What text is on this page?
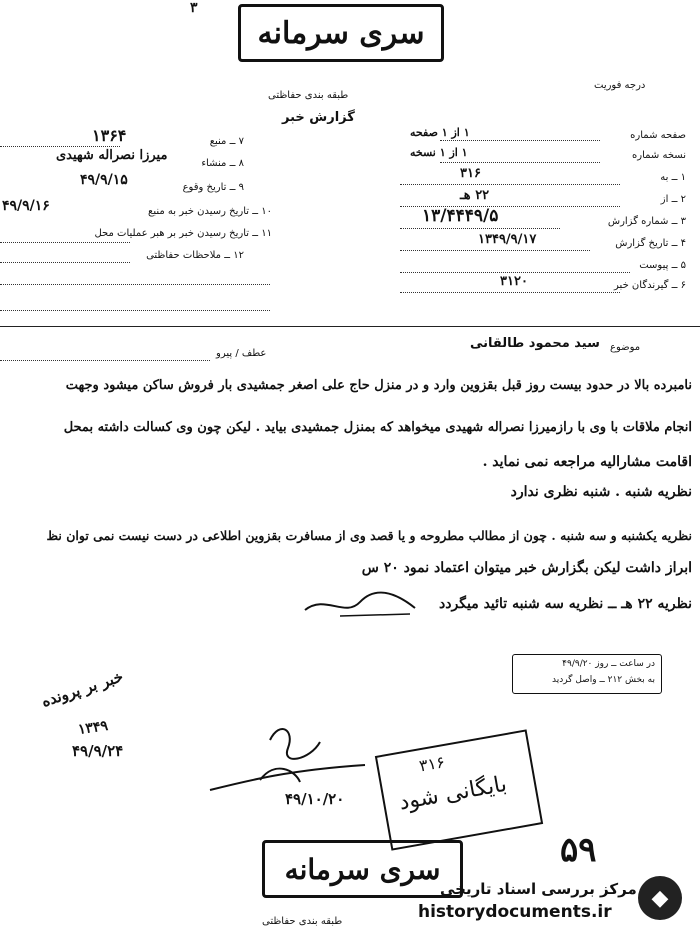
سری سرمانه
٣
طبقه بندی حفاظتی
درجه فوریت
گزارش خبر
۷ ــ منبع
۱۳۶۴
۸ ــ منشاء
میرزا نصراله شهیدی
۹ ــ تاریخ وقوع
۴۹/۹/۱۵
۱۰ ــ تاریخ رسیدن خبر به منبع
۴۹/۹/۱۶
۱۱ ــ تاریخ رسیدن خبر بر هبر عملیات محل
۱۲ ــ ملاحظات حفاظتی
صفحه شماره
۱ از ۱ صفحه
نسخه شماره
۱ از ۱ نسخه
۱ ــ به
۳۱۶
۲ ــ از
۲۲ هـ
۳ ــ شماره گزارش
۱۳/۴۴۴۹/۵
۴ ــ تاریخ گزارش
۱۳۴۹/۹/۱۷
۵ ــ پیوست
۶ ــ گیرندگان خبر
۳۱۲۰
موضوع
سید محمود طالقانی
عطف / پیرو
نامبرده بالا در حدود بیست روز قبل بقزوین وارد و در منزل حاج علی اصغر جمشیدی بار فروش ساکن میشود وجهت
انجام ملاقات با وی با رازمیرزا نصراله شهیدی میخواهد که بمنزل جمشیدی بیاید . لیکن چون وی کسالت داشته بمحل
اقامت مشارالیه مراجعه نمی نماید .
نظریه شنبه . شنبه نظری ندارد
نظریه یکشنبه و سه شنبه . چون از مطالب مطروحه و یا قصد وی از مسافرت بقزوین اطلاعی در دست نیست نمی توان نظ
ابراز داشت لیکن بگزارش خبر میتوان اعتماد نمود ۲۰ س
نظریه ۲۲ هـ ــ نظریه سه شنبه تائید میگردد
در ساعت ــ روز ۴۹/۹/۲۰
به بخش ۲۱۲ ــ واصل گردید
خبر بر پرونده
۱۳۴۹
۴۹/۹/۲۴
۴۹/۱۰/۲۰
۳۱۶
بایگانی شود
۵۹
سری سرمانه
طبقه بندی حفاظتی
◆
مرکز بررسی اسناد تاریخی
historydocuments.ir
